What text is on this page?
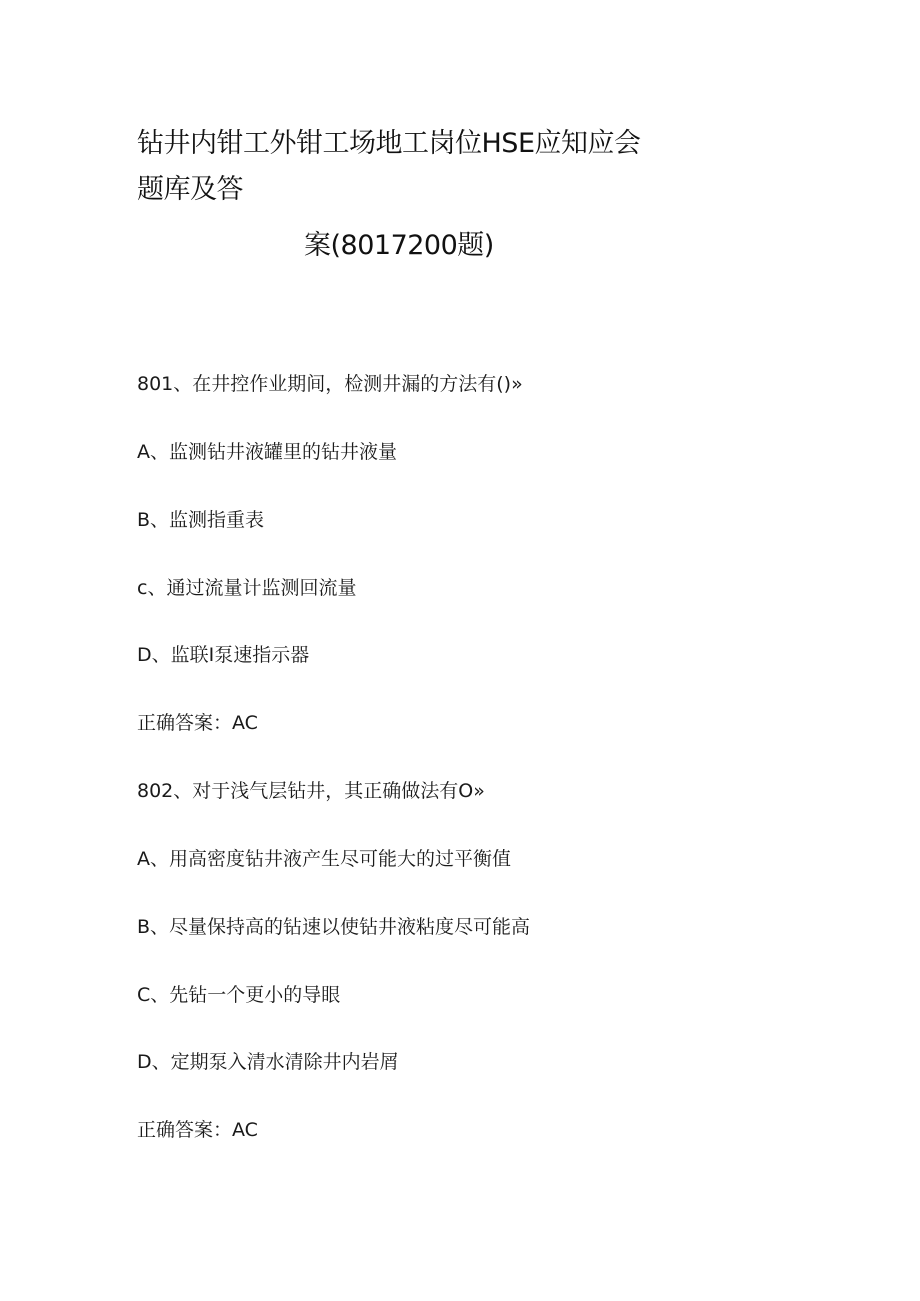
钻井内钳工外钳工场地工岗位HSE应知应会
题库及答
案(8017200题)
801、在井控作业期间，检测井漏的方法有()»
A、监测钻井液罐里的钻井液量
B、监测指重表
c、通过流量计监测回流量
D、监联I泵速指示器
正确答案：AC
802、对于浅气层钻井，其正确做法有O»
A、用高密度钻井液产生尽可能大的过平衡值
B、尽量保持高的钻速以使钻井液粘度尽可能高
C、先钻一个更小的导眼
D、定期泵入清水清除井内岩屑
正确答案：AC
